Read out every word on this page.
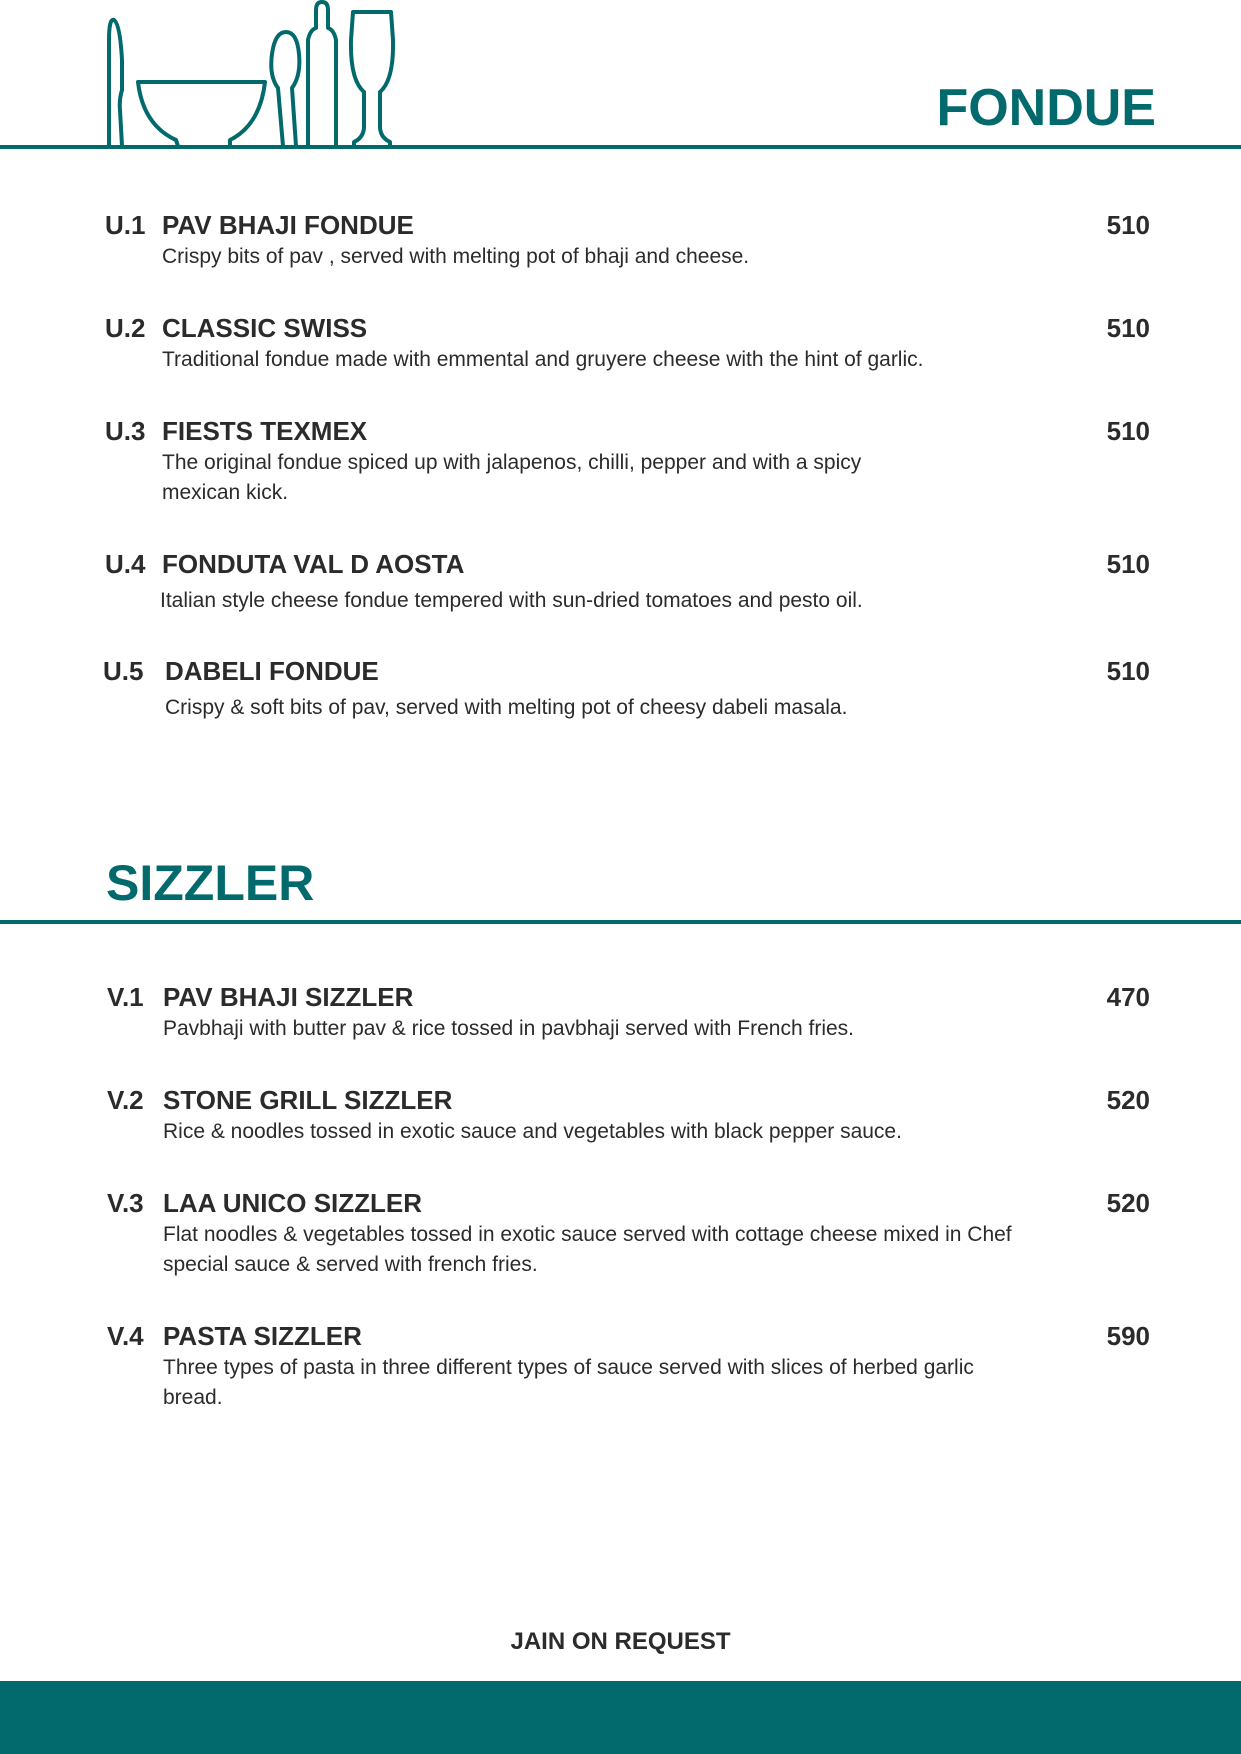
FONDUE
U.1 PAV BHAJI FONDUE	510
Crispy bits of pav , served with melting pot of bhaji and cheese.
U.2 CLASSIC SWISS	510
Traditional fondue made with emmental and gruyere cheese with the hint of garlic.
U.3 FIESTS TEXMEX	510
The original fondue spiced up with jalapenos, chilli, pepper and with a spicy mexican kick.
U.4 FONDUTA VAL D AOSTA	510
Italian style cheese fondue tempered with sun-dried tomatoes and pesto oil.
U.5 DABELI FONDUE	510
Crispy & soft bits of pav, served with melting pot of cheesy dabeli masala.
SIZZLER
V.1 PAV BHAJI SIZZLER	470
Pavbhaji with butter pav & rice tossed in pavbhaji served with French fries.
V.2 STONE GRILL SIZZLER	520
Rice & noodles tossed in exotic sauce and vegetables with black pepper sauce.
V.3 LAA UNICO SIZZLER	520
Flat noodles & vegetables tossed in exotic sauce served with cottage cheese mixed in Chef special sauce & served with french fries.
V.4 PASTA SIZZLER	590
Three types of pasta in three different types of sauce served with slices of herbed garlic bread.
JAIN ON REQUEST
